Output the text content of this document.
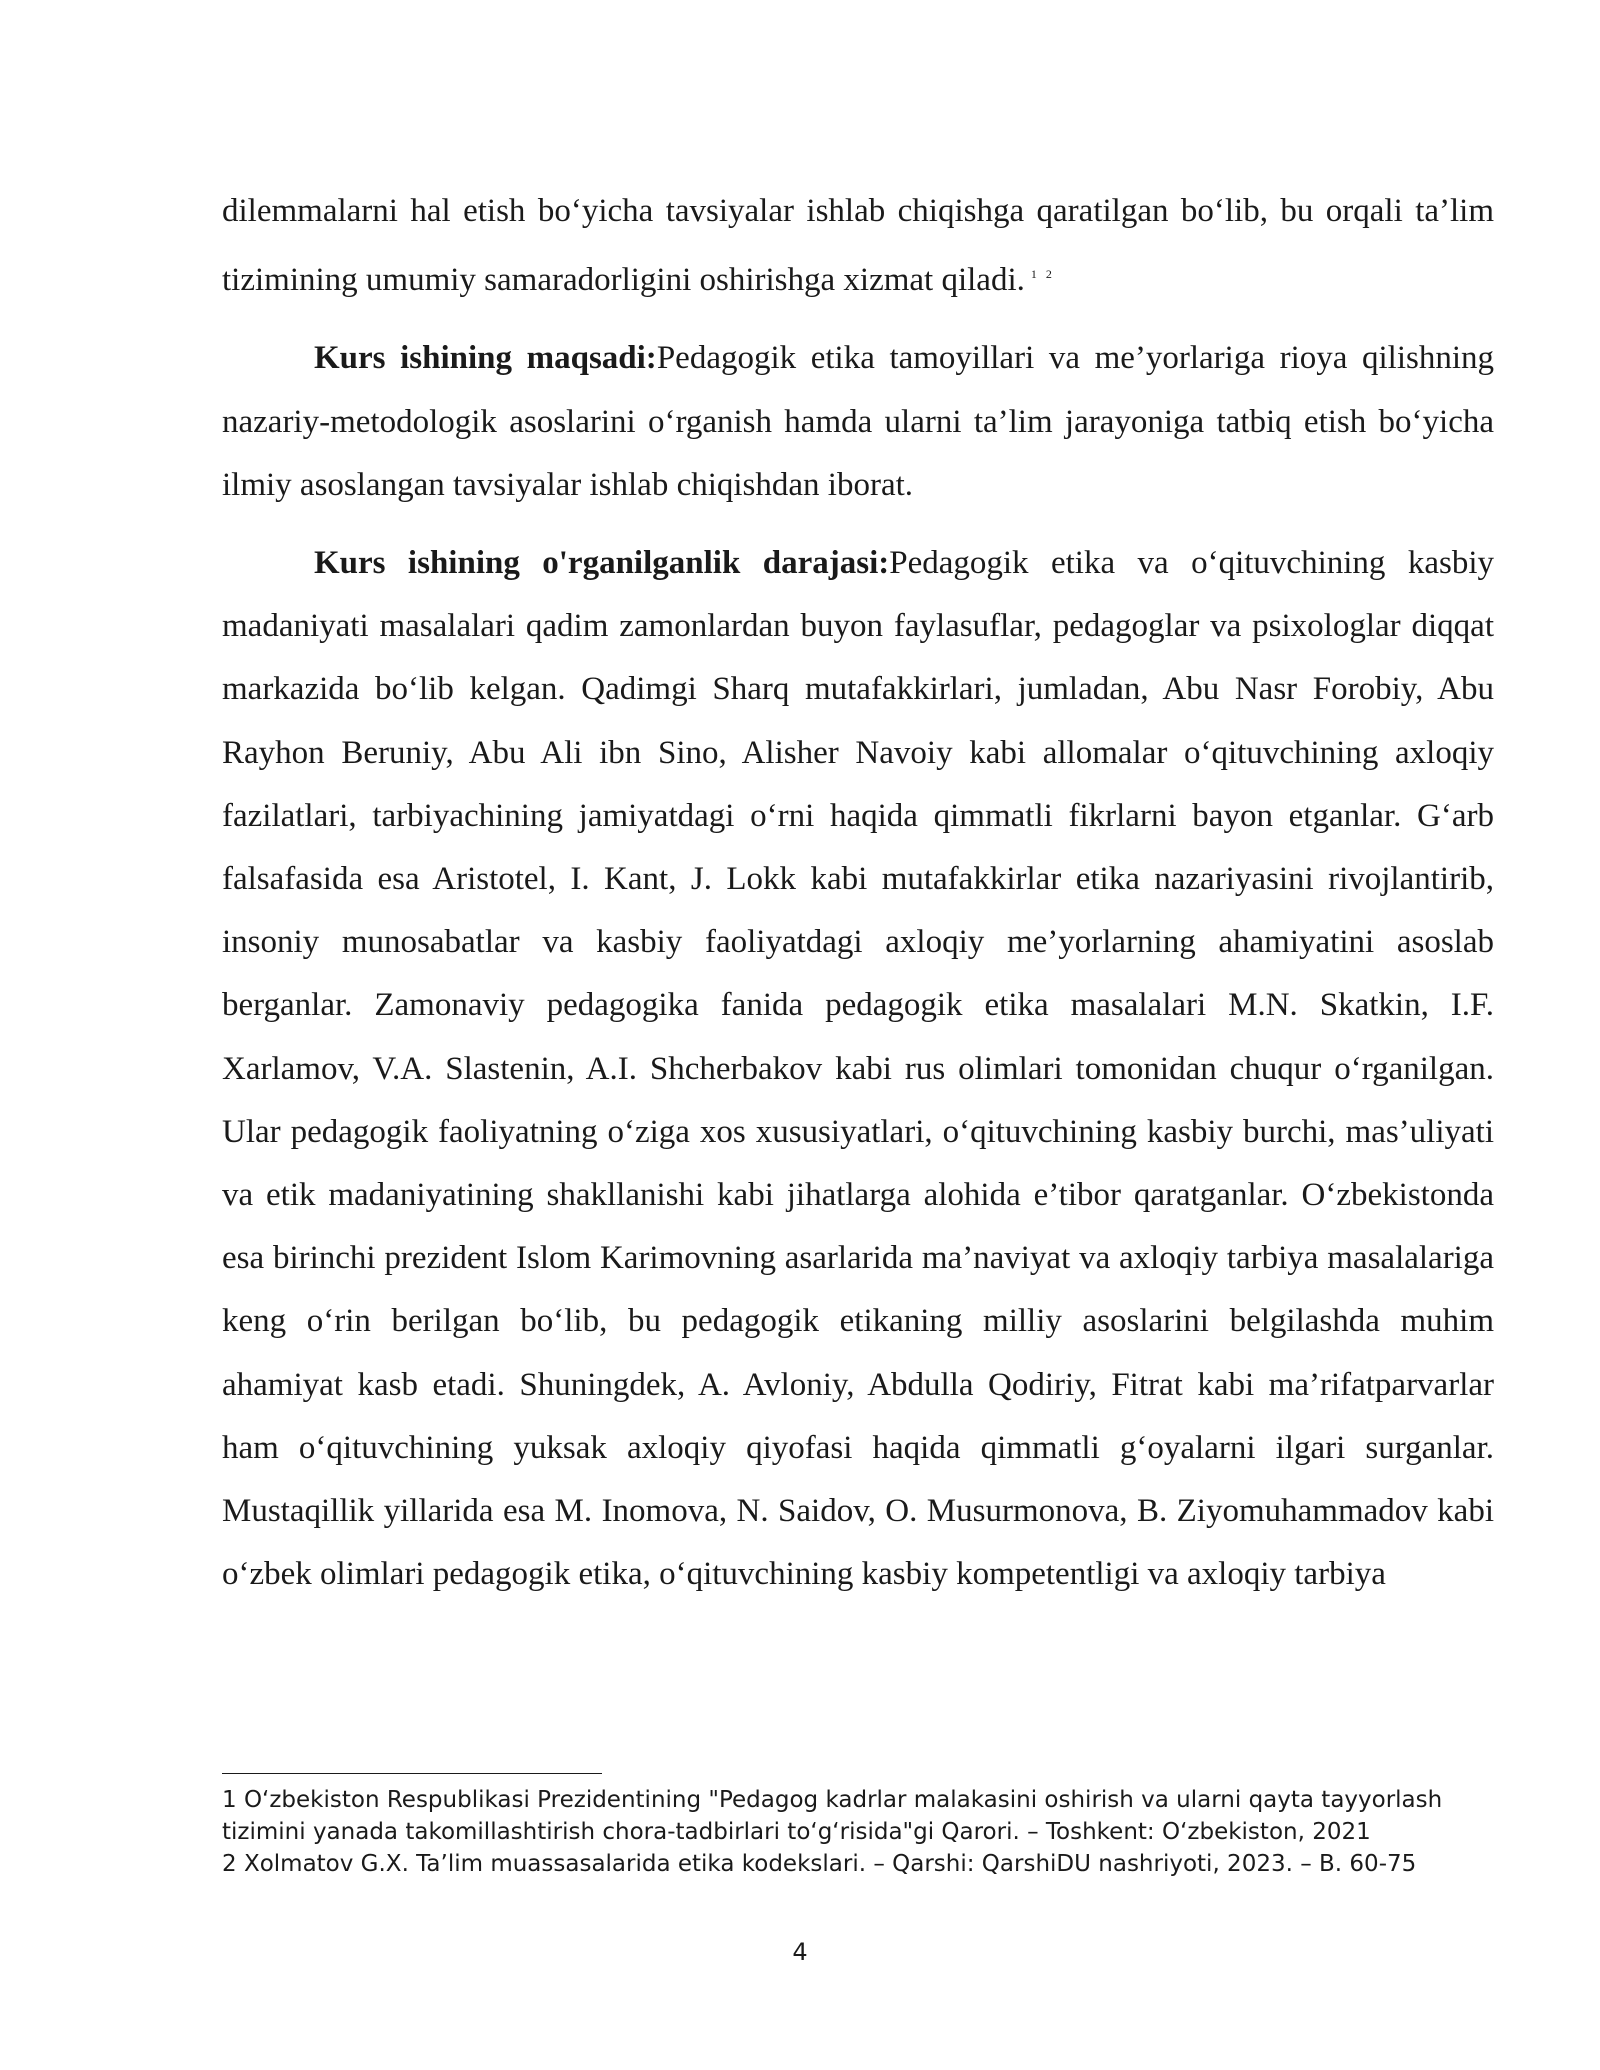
dilemmalarni hal etish bo‘yicha tavsiyalar ishlab chiqishga qaratilgan bo‘lib, bu orqali ta’lim tizimining umumiy samaradorligini oshirishga xizmat qiladi. $^{1 2}$

Kurs ishining maqsadi:Pedagogik etika tamoyillari va me’yorlariga rioya qilishning nazariy-metodologik asoslarini o‘rganish hamda ularni ta’lim jarayoniga tatbiq etish bo‘yicha ilmiy asoslangan tavsiyalar ishlab chiqishdan iborat.

Kurs ishining o'rganilganlik darajasi:Pedagogik etika va o‘qituvchining kasbiy madaniyati masalalari qadim zamonlardan buyon faylasuflar, pedagoglar va psixologlar diqqat markazida bo‘lib kelgan. Qadimgi Sharq mutafakkirlari, jumladan, Abu Nasr Forobiy, Abu Rayhon Beruniy, Abu Ali ibn Sino, Alisher Navoiy kabi allomalar o‘qituvchining axloqiy fazilatlari, tarbiyachining jamiyatdagi o‘rni haqida qimmatli fikrlarni bayon etganlar. G‘arb falsafasida esa Aristotel, I. Kant, J. Lokk kabi mutafakkirlar etika nazariyasini rivojlantirib, insoniy munosabatlar va kasbiy faoliyatdagi axloqiy me’yorlarning ahamiyatini asoslab berganlar. Zamonaviy pedagogika fanida pedagogik etika masalalari M.N. Skatkin, I.F. Xarlamov, V.A. Slastenin, A.I. Shcherbakov kabi rus olimlari tomonidan chuqur o‘rganilgan. Ular pedagogik faoliyatning o‘ziga xos xususiyatlari, o‘qituvchining kasbiy burchi, mas’uliyati va etik madaniyatining shakllanishi kabi jihatlarga alohida e’tibor qaratganlar. O‘zbekistonda esa birinchi prezident Islom Karimovning asarlarida ma’naviyat va axloqiy tarbiya masalalariga keng o‘rin berilgan bo‘lib, bu pedagogik etikaning milliy asoslarini belgilashda muhim ahamiyat kasb etadi. Shuningdek, A. Avloniy, Abdulla Qodiriy, Fitrat kabi ma’rifatparvarlar ham o‘qituvchining yuksak axloqiy qiyofasi haqida qimmatli g‘oyalarni ilgari surganlar. Mustaqillik yillarida esa M. Inomova, N. Saidov, O. Musurmonova, B. Ziyomuhammadov kabi o‘zbek olimlari pedagogik etika, o‘qituvchining kasbiy kompetentligi va axloqiy tarbiya

1 O‘zbekiston Respublikasi Prezidentining "Pedagog kadrlar malakasini oshirish va ularni qayta tayyorlash tizimini yanada takomillashtirish chora-tadbirlari to‘g‘risida"gi Qarori. – Toshkent: O‘zbekiston, 2021

2 Xolmatov G.X. Ta’lim muassasalarida etika kodekslari. – Qarshi: QarshiDU nashriyoti, 2023. – B. 60-75

4
